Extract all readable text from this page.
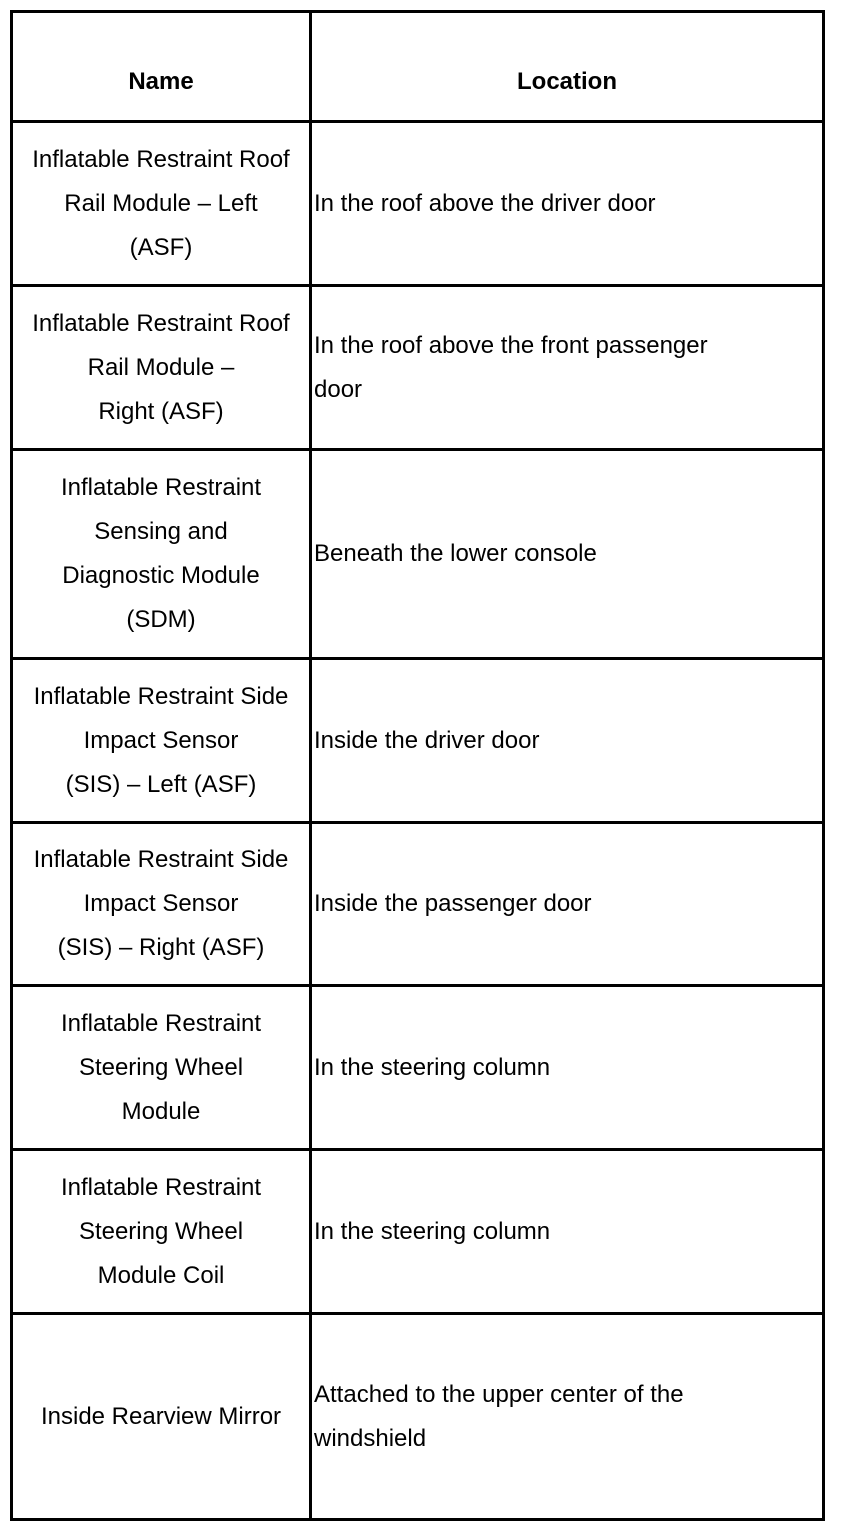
Name	Location
Inflatable Restraint Roof
Rail Module – Left
(ASF)
In the roof above the driver door
Inflatable Restraint Roof
Rail Module –
Right (ASF)
In the roof above the front passenger
door
Inflatable Restraint
Sensing and
Diagnostic Module
(SDM)
Beneath the lower console
Inflatable Restraint Side
Impact Sensor
(SIS) – Left (ASF)
Inside the driver door
Inflatable Restraint Side
Impact Sensor
(SIS) – Right (ASF)
Inside the passenger door
Inflatable Restraint
Steering Wheel
Module
In the steering column
Inflatable Restraint
Steering Wheel
Module Coil
In the steering column
Inside Rearview Mirror
Attached to the upper center of the
windshield
